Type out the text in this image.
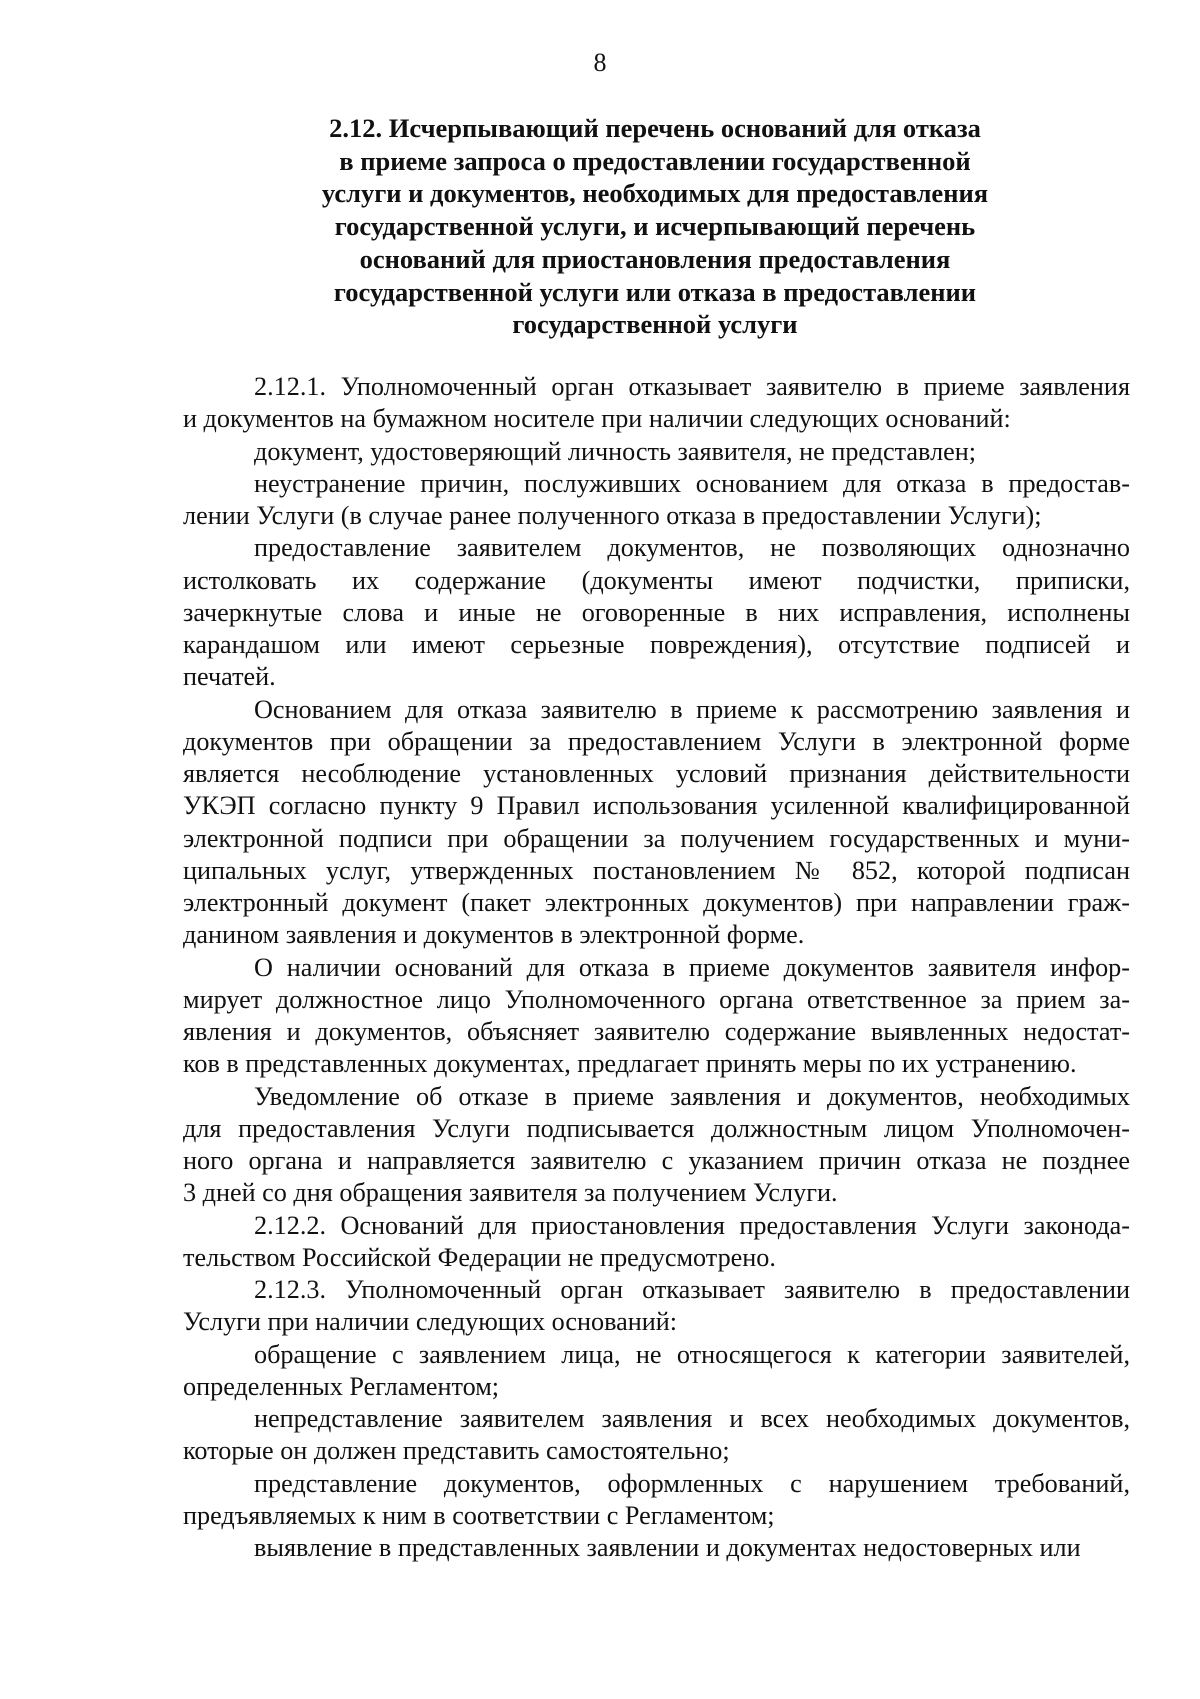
8
2.12. Исчерпывающий перечень оснований для отказа
в приеме запроса о предоставлении государственной
услуги и документов, необходимых для предоставления
государственной услуги, и исчерпывающий перечень
оснований для приостановления предоставления
государственной услуги или отказа в предоставлении
государственной услуги
2.12.1. Уполномоченный орган отказывает заявителю в приеме заявления
и документов на бумажном носителе при наличии следующих оснований:
документ, удостоверяющий личность заявителя, не представлен;
неустранение причин, послуживших основанием для отказа в предостав-
лении Услуги (в случае ранее полученного отказа в предоставлении Услуги);
предоставление заявителем документов, не позволяющих однозначно
истолковать их содержание (документы имеют подчистки, приписки,
зачеркнутые слова и иные не оговоренные в них исправления, исполнены
карандашом или имеют серьезные повреждения), отсутствие подписей и
печатей.
Основанием для отказа заявителю в приеме к рассмотрению заявления и
документов при обращении за предоставлением Услуги в электронной форме
является несоблюдение установленных условий признания действительности
УКЭП согласно пункту 9 Правил использования усиленной квалифицированной
электронной подписи при обращении за получением государственных и муни-
ципальных услуг, утвержденных постановлением № 852, которой подписан
электронный документ (пакет электронных документов) при направлении граж-
данином заявления и документов в электронной форме.
О наличии оснований для отказа в приеме документов заявителя инфор-
мирует должностное лицо Уполномоченного органа ответственное за прием за-
явления и документов, объясняет заявителю содержание выявленных недостат-
ков в представленных документах, предлагает принять меры по их устранению.
Уведомление об отказе в приеме заявления и документов, необходимых
для предоставления Услуги подписывается должностным лицом Уполномочен-
ного органа и направляется заявителю с указанием причин отказа не позднее
3 дней со дня обращения заявителя за получением Услуги.
2.12.2. Оснований для приостановления предоставления Услуги законода-
тельством Российской Федерации не предусмотрено.
2.12.3. Уполномоченный орган отказывает заявителю в предоставлении
Услуги при наличии следующих оснований:
обращение с заявлением лица, не относящегося к категории заявителей,
определенных Регламентом;
непредставление заявителем заявления и всех необходимых документов,
которые он должен представить самостоятельно;
представление документов, оформленных с нарушением требований,
предъявляемых к ним в соответствии с Регламентом;
выявление в представленных заявлении и документах недостоверных или
